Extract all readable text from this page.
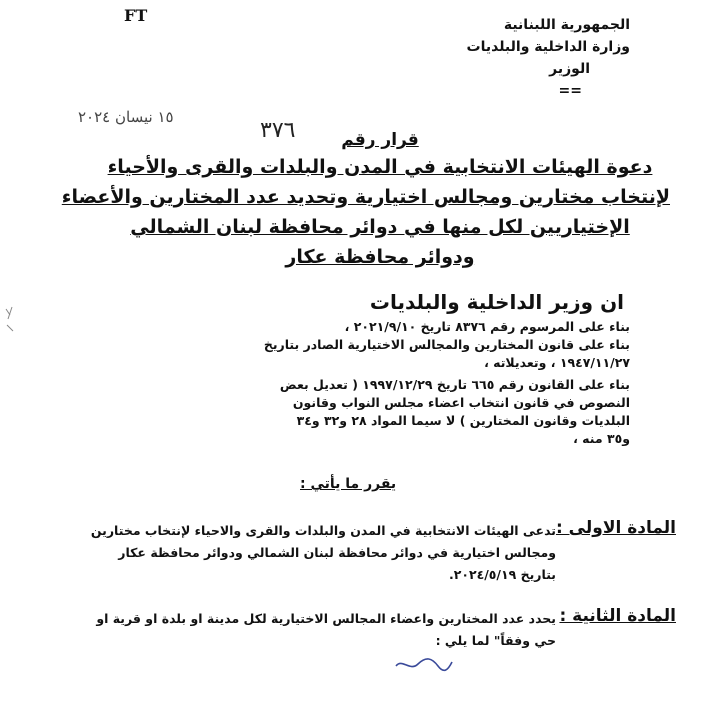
FT	الجمهورية اللبنانية
وزارة الداخلية والبلديات
الوزير
==
١٥ نيسان ٢٠٢٤
٣٧٦	قرار رقم
دعوة الهيئات الانتخابية في المدن والبلدات والقرى والأحياء
لإنتخاب مختارين ومجالس اختيارية وتحديد عدد المختارين والأعضاء
الإختياريين لكل منها في دوائر محافظة لبنان الشمالي
ودوائر محافظة عكار
ان وزير الداخلية والبلديات
بناء على المرسوم رقم ٨٣٧٦ تاريخ ٢٠٢١/٩/١٠ ،
بناء على قانون المختارين والمجالس الاختيارية الصادر بتاريخ
١٩٤٧/١١/٢٧ ، وتعديلاته ،
بناء على القانون رقم ٦٦٥ تاريخ ١٩٩٧/١٢/٢٩ ( تعديل بعض
النصوص في قانون انتخاب اعضاء مجلس النواب وقانون
البلديات وقانون المختارين ) لا سيما المواد ٢٨ و٣٢ و٣٤
و٣٥ منه ،
يقرر ما يأتي :
المادة الاولى :
تدعى الهيئات الانتخابية في المدن والبلدات والقرى والاحياء لإنتخاب مختارين
ومجالس اختيارية في دوائر محافظة لبنان الشمالي ودوائر محافظة عكار
بتاريخ ٢٠٢٤/٥/١٩.
المادة الثانية :
يحدد عدد المختارين واعضاء المجالس الاختيارية لكل مدينة او بلدة او قرية او
حي وفقاً" لما يلي :
